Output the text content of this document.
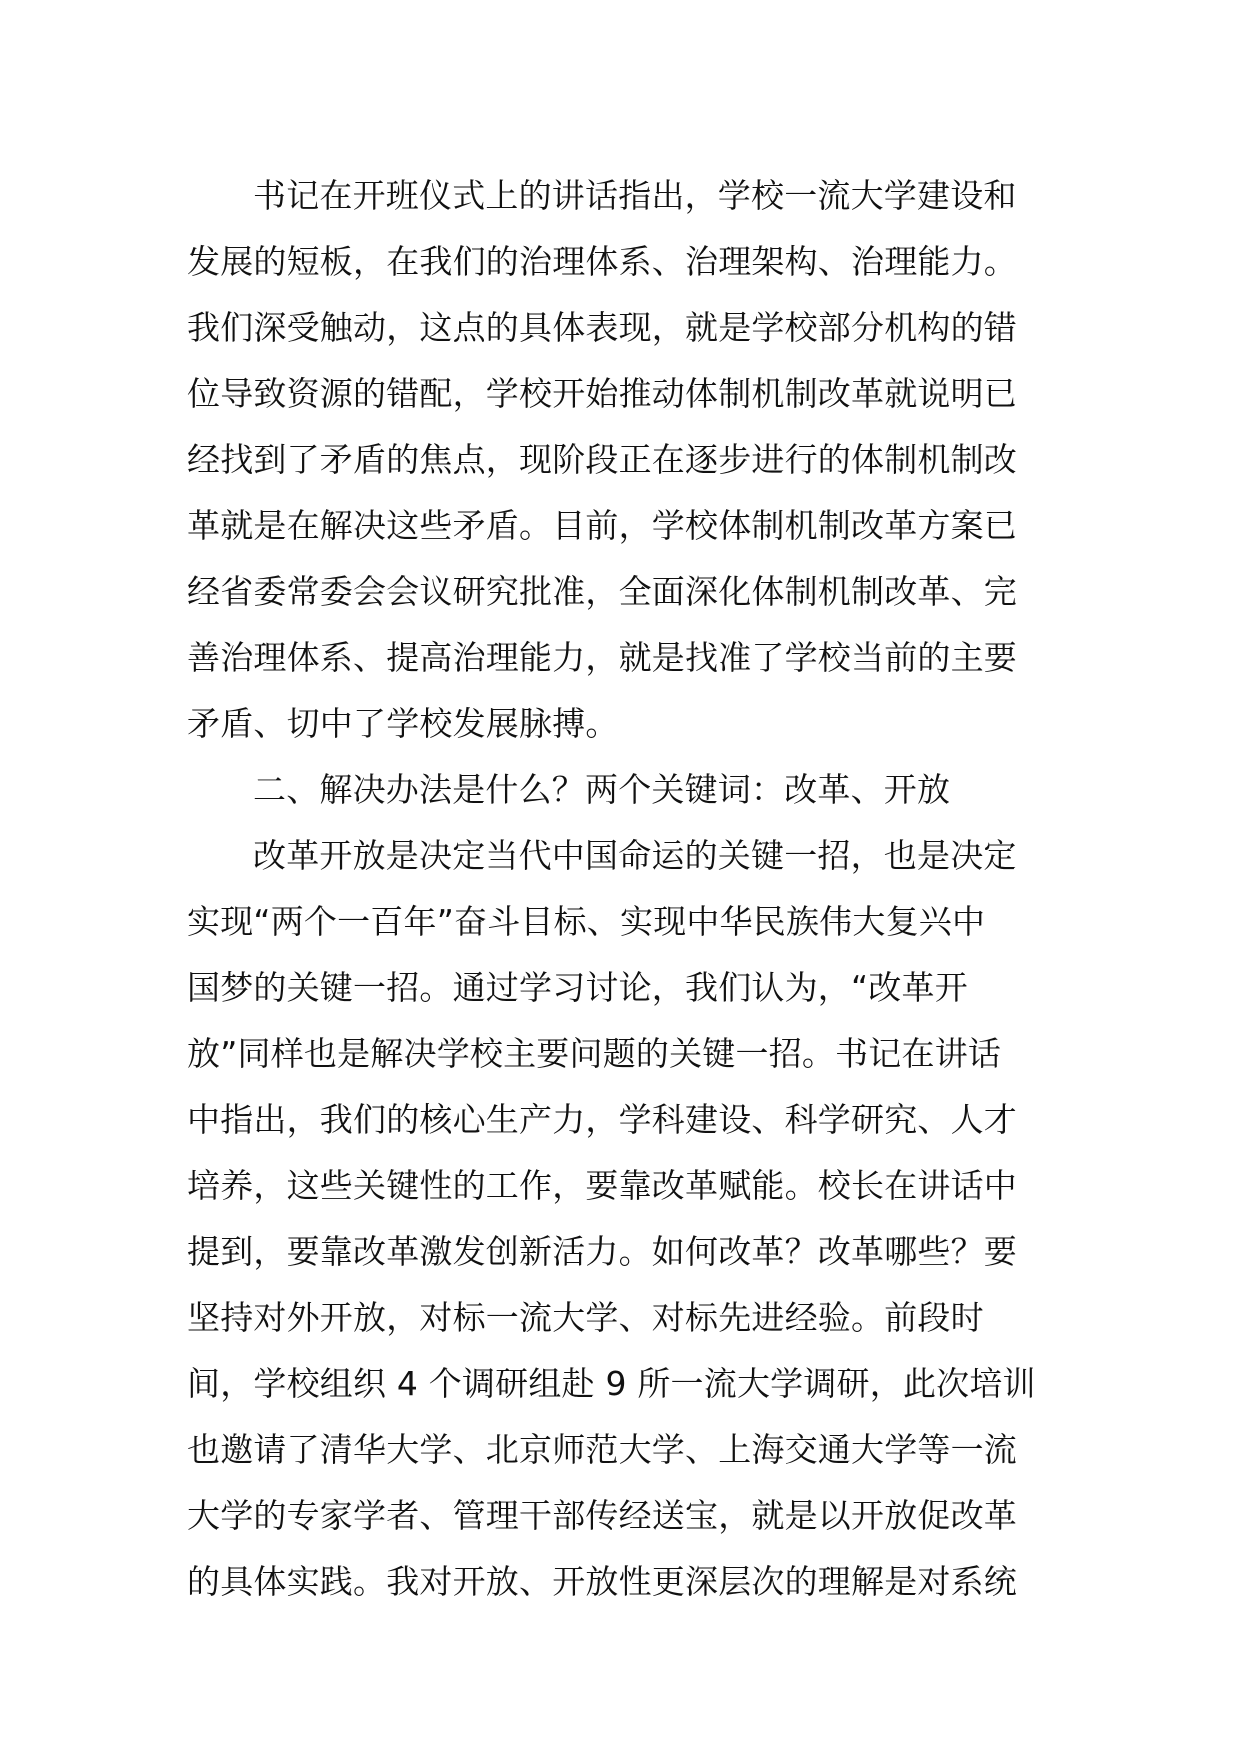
书记在开班仪式上的讲话指出，学校一流大学建设和
发展的短板，在我们的治理体系、治理架构、治理能力。
我们深受触动，这点的具体表现，就是学校部分机构的错
位导致资源的错配，学校开始推动体制机制改革就说明已
经找到了矛盾的焦点，现阶段正在逐步进行的体制机制改
革就是在解决这些矛盾。目前，学校体制机制改革方案已
经省委常委会会议研究批准，全面深化体制机制改革、完
善治理体系、提高治理能力，就是找准了学校当前的主要
矛盾、切中了学校发展脉搏。
二、解决办法是什么？两个关键词：改革、开放
改革开放是决定当代中国命运的关键一招，也是决定
实现“两个一百年”奋斗目标、实现中华民族伟大复兴中
国梦的关键一招。通过学习讨论，我们认为，“改革开
放”同样也是解决学校主要问题的关键一招。书记在讲话
中指出，我们的核心生产力，学科建设、科学研究、人才
培养，这些关键性的工作，要靠改革赋能。校长在讲话中
提到，要靠改革激发创新活力。如何改革？改革哪些？要
坚持对外开放，对标一流大学、对标先进经验。前段时
间，学校组织 4 个调研组赴 9 所一流大学调研，此次培训
也邀请了清华大学、北京师范大学、上海交通大学等一流
大学的专家学者、管理干部传经送宝，就是以开放促改革
的具体实践。我对开放、开放性更深层次的理解是对系统
